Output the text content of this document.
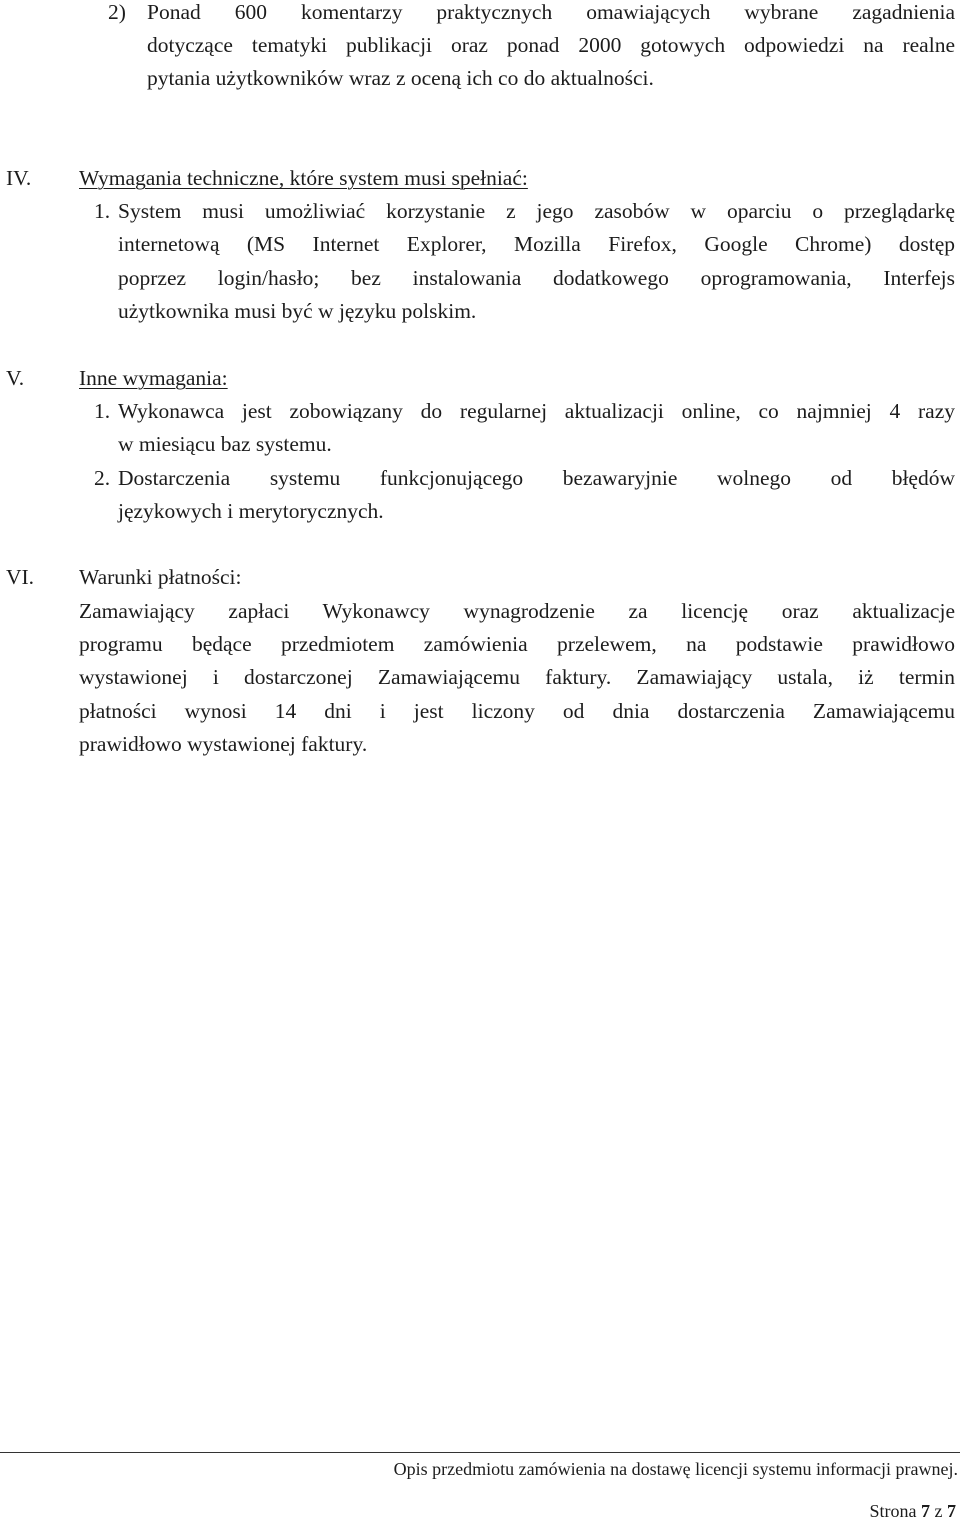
2) Ponad 600 komentarzy praktycznych omawiających wybrane zagadnienia
dotyczące tematyki publikacji oraz ponad 2000 gotowych odpowiedzi na realne
pytania użytkowników wraz z oceną ich co do aktualności.
IV. Wymagania techniczne, które system musi spełniać:
1. System musi umożliwiać korzystanie z jego zasobów w oparciu o przeglądarkę
internetową (MS Internet Explorer, Mozilla Firefox, Google Chrome) dostęp
poprzez login/hasło; bez instalowania dodatkowego oprogramowania, Interfejs
użytkownika musi być w języku polskim.
V.	Inne wymagania:
1. Wykonawca jest zobowiązany do regularnej aktualizacji online, co najmniej 4 razy
w miesiącu baz systemu.
2. Dostarczenia systemu funkcjonującego bezawaryjnie wolnego od błędów
językowych i merytorycznych.
VI. Warunki płatności:
Zamawiający zapłaci Wykonawcy wynagrodzenie za licencję oraz aktualizacje
programu będące przedmiotem zamówienia przelewem, na podstawie prawidłowo
wystawionej i dostarczonej Zamawiającemu faktury. Zamawiający ustala, iż termin
płatności wynosi 14 dni i jest liczony od dnia dostarczenia Zamawiającemu
prawidłowo wystawionej faktury.
Opis przedmiotu zamówienia na dostawę licencji systemu informacji prawnej.
Strona 7 z 7
